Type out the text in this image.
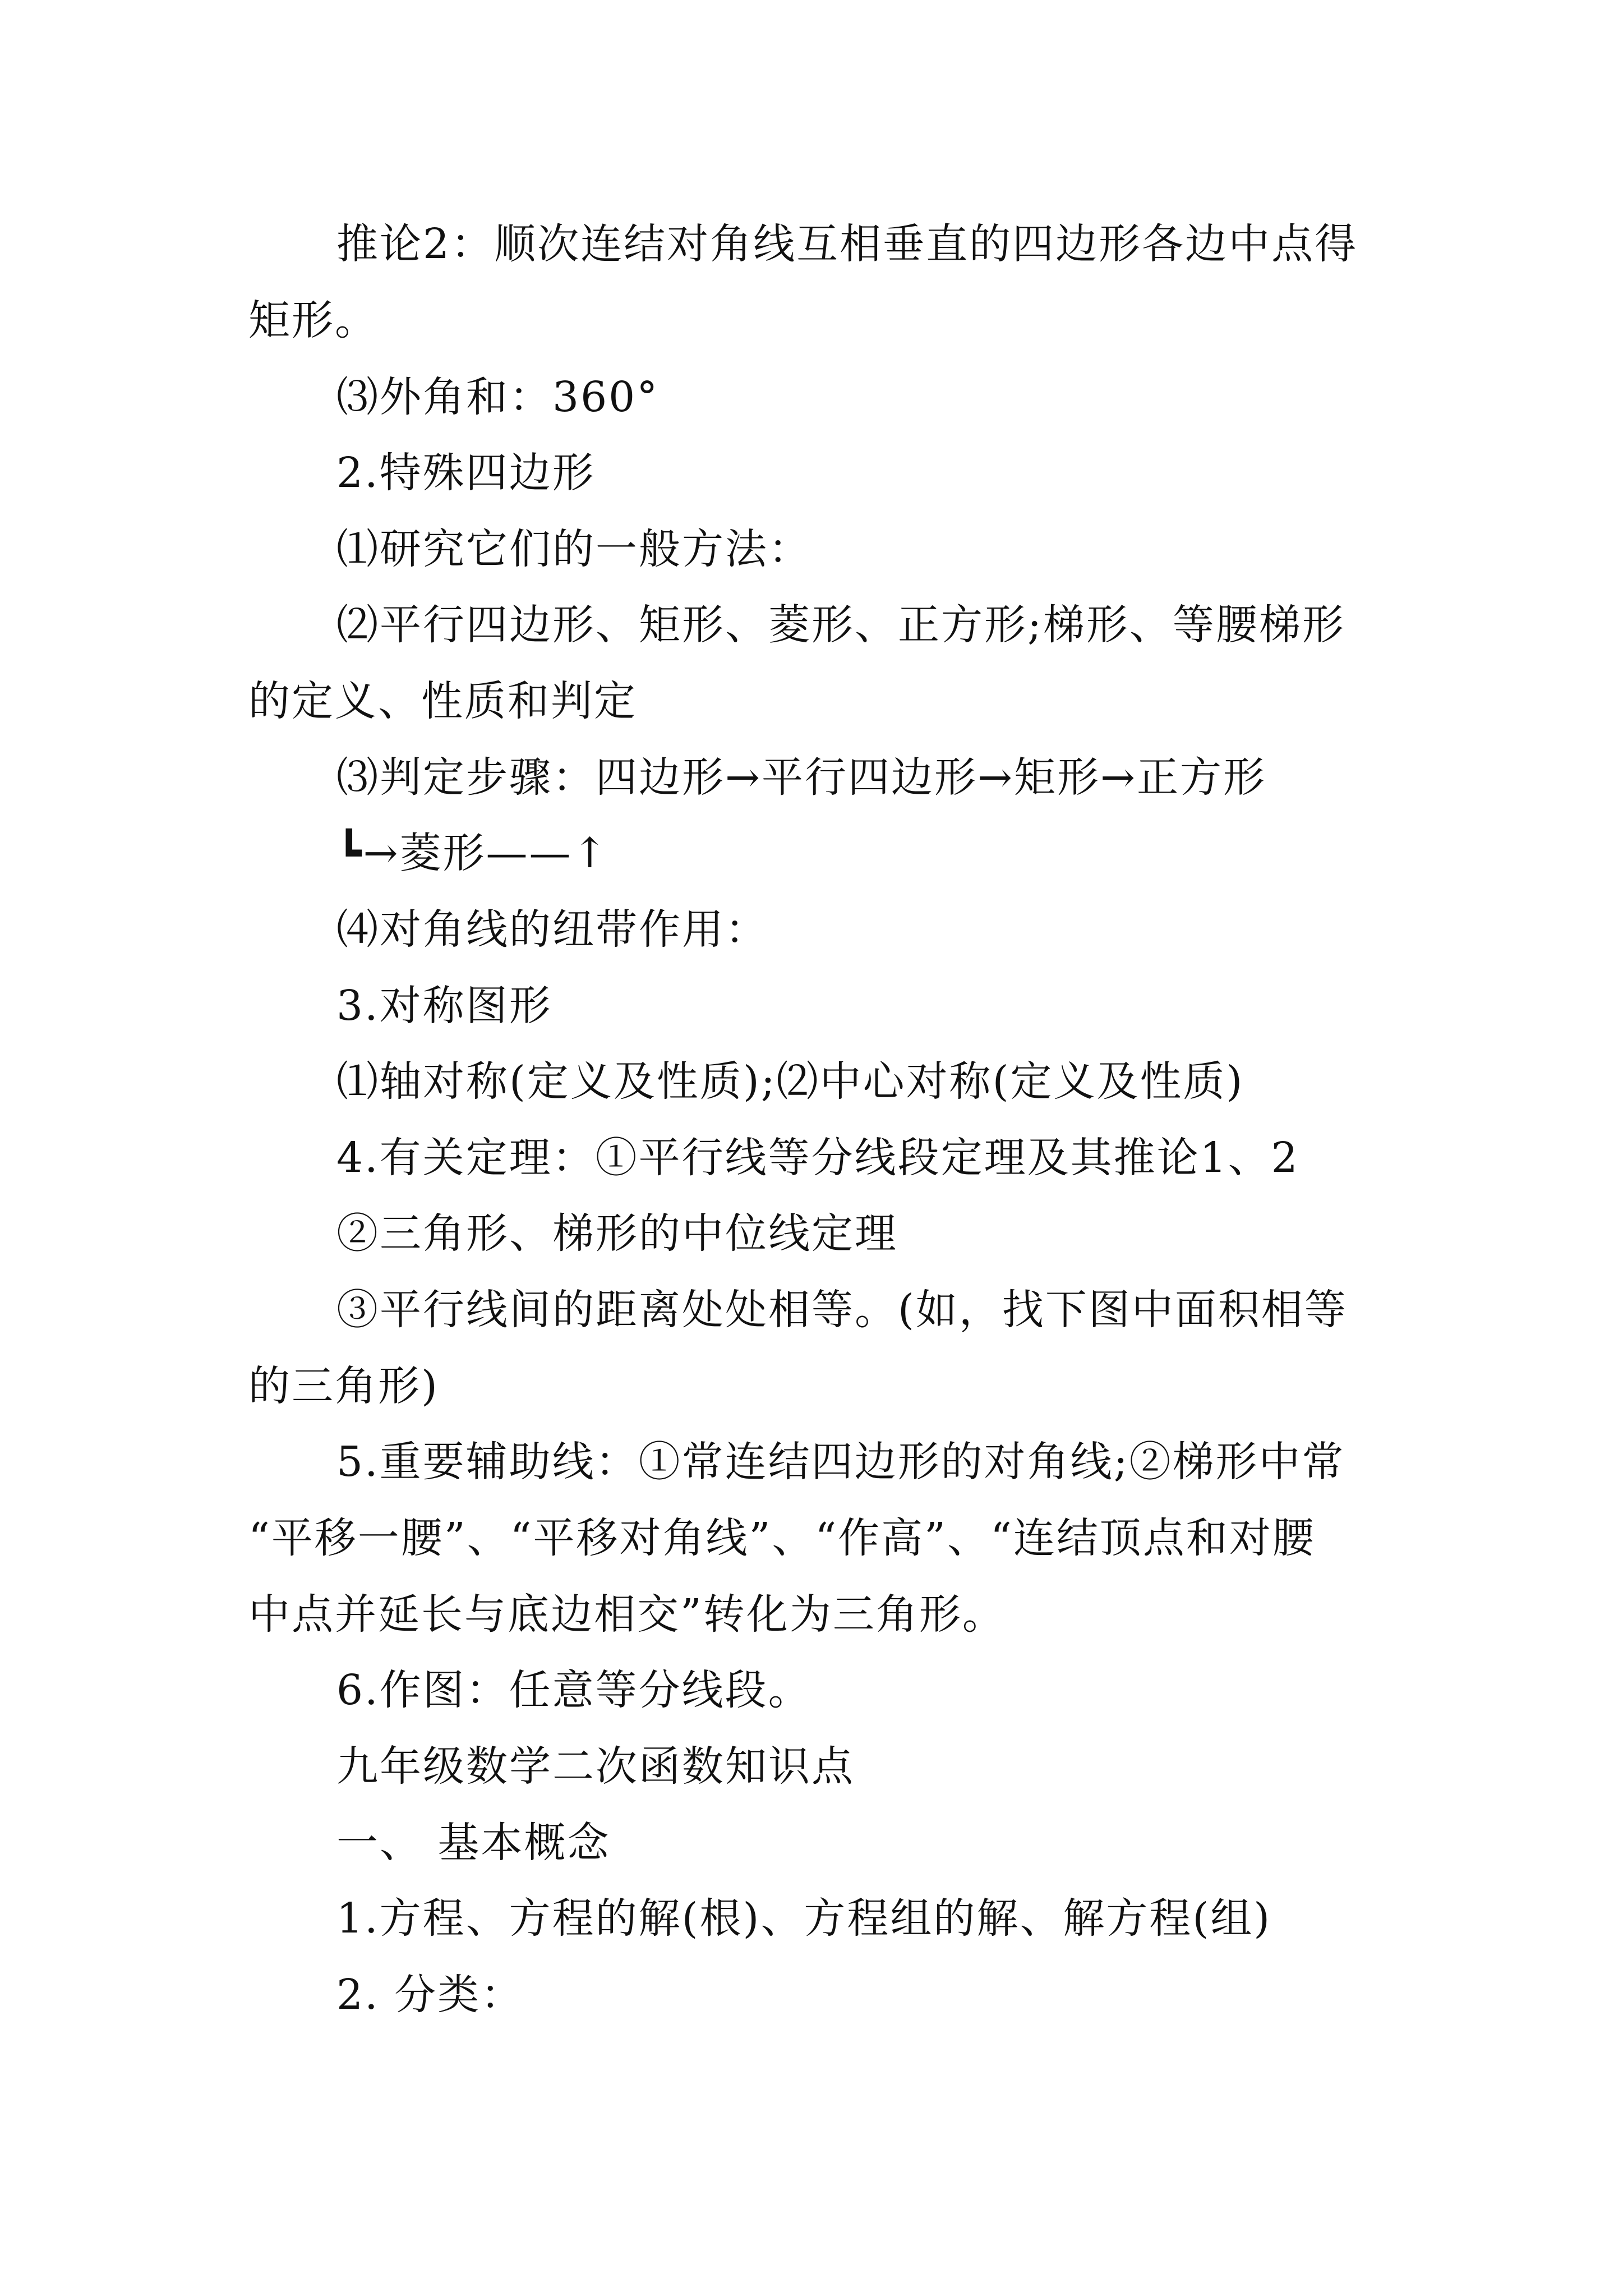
推论2：顺次连结对角线互相垂直的四边形各边中点得
矩形。
⑶外角和：360°
2.特殊四边形
⑴研究它们的一般方法：
⑵平行四边形、矩形、菱形、正方形;梯形、等腰梯形
的定义、性质和判定
⑶判定步骤：四边形→平行四边形→矩形→正方形
┗→菱形——↑
⑷对角线的纽带作用：
3.对称图形
⑴轴对称(定义及性质);⑵中心对称(定义及性质)
4.有关定理：①平行线等分线段定理及其推论1、2
②三角形、梯形的中位线定理
③平行线间的距离处处相等。(如，找下图中面积相等
的三角形)
5.重要辅助线：①常连结四边形的对角线;②梯形中常
“平移一腰”、“平移对角线”、“作高”、“连结顶点和对腰
中点并延长与底边相交”转化为三角形。
6.作图：任意等分线段。
九年级数学二次函数知识点
一、 基本概念
1.方程、方程的解(根)、方程组的解、解方程(组)
2. 分类：
